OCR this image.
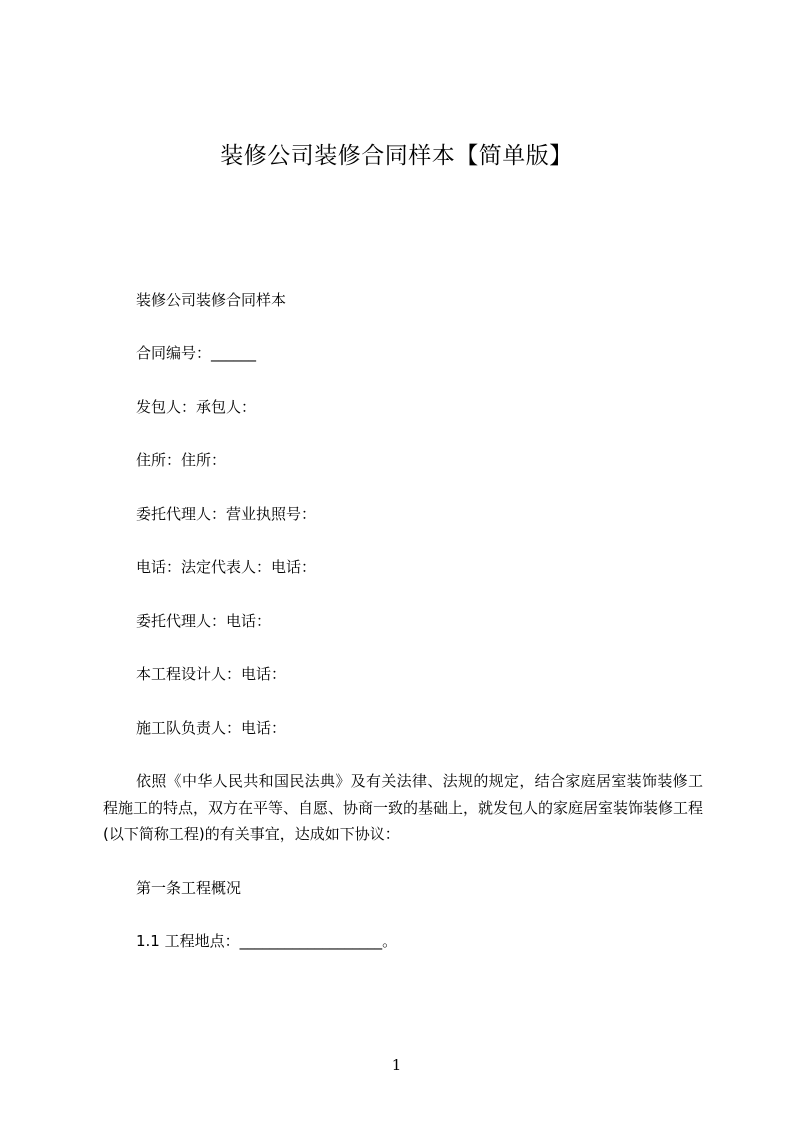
装修公司装修合同样本【简单版】
装修公司装修合同样本
合同编号：______
发包人：承包人：
住所：住所：
委托代理人：营业执照号：
电话：法定代表人：电话：
委托代理人：电话：
本工程设计人：电话：
施工队负责人：电话：
依照《中华人民共和国民法典》及有关法律、法规的规定，结合家庭居室装饰装修工程施工的特点，双方在平等、自愿、协商一致的基础上，就发包人的家庭居室装饰装修工程(以下简称工程)的有关事宜，达成如下协议：
第一条工程概况
1.1 工程地点：___________________。
1
